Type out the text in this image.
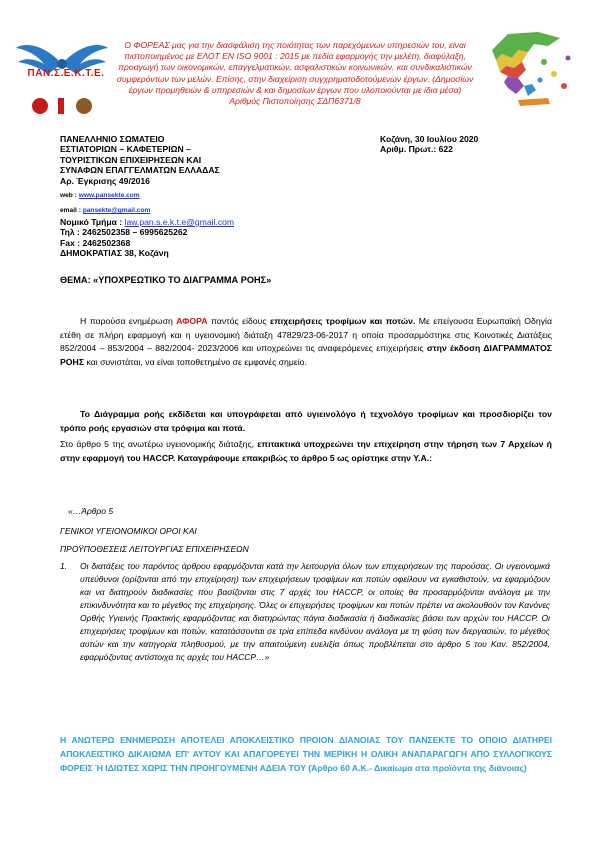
ΠΑΝ.Σ.Ε.Κ.Τ.Ε.
Ο ΦΟΡΕΑΣ μας για την διασφάλιση της ποιότητας των παρεχόμενων υπηρεσιών του, είναι πιστοποιημένος με ΕΛΟΤ ΕΝ ISO 9001 : 2015 με πεδία εφαρμογής την μελέτη, διαφύλαξη, προαγωγή των οικονομικών, επαγγελματικών, ασφαλιστικών κοινωνικών, και συνδικαλιστικών συμφερόντων των μελών. Επίσης, στην διαχείριση συγχρηματοδοτούμενων έργων. (Δημοσίων έργων προμηθειών & υπηρεσιών & και δημοσίων έργων που υλοποιούνται με ίδια μέσα)
Αριθμός Πιστοποίησης ΣΔΠ6371/8
ΠΑΝΕΛΛΗΝΙΟ ΣΩΜΑΤΕΙΟ
ΕΣΤΙΑΤΟΡΙΩΝ – ΚΑΦΕΤΕΡΙΩΝ –
ΤΟΥΡΙΣΤΙΚΩΝ ΕΠΙΧΕΙΡΗΣΕΩΝ ΚΑΙ
ΣΥΝΑΦΩΝ ΕΠΑΓΓΕΛΜΑΤΩΝ ΕΛΛΑΔΑΣ
Αρ. Έγκρισης 49/2016
web : www.pansekte.com
email : pansekte@gmail.com
Νομικό Τμήμα : law.pan.s.e.k.t.e@gmail.com
Τηλ : 2462502358 – 6995625262
Fax : 2462502368
ΔΗΜΟΚΡΑΤΙΑΣ 38, Κοζάνη
Κοζάνη, 30 Ιουλίου 2020
Αριθμ. Πρωτ.: 622
ΘΕΜΑ: «ΥΠΟΧΡΕΩΤΙΚΟ ΤΟ ΔΙΑΓΡΑΜΜΑ ΡΟΗΣ»
Η παρούσα ενημέρωση ΑΦΟΡΑ παντός είδους επιχειρήσεις τροφίμων και ποτών. Με επείγουσα Ευρωπαϊκή Οδηγία ετέθη σε πλήρη εφαρμογή και η υγειονομική διάταξη 47829/23-06-2017 η οποία προσαρμόστηκε στις Κοινοτικές Διατάξεις 852/2004 – 853/2004 – 882/2004- 2023/2006 και υποχρεώνει τις αναφερόμενες επιχειρήσεις στην έκδοση ΔΙΑΓΡΑΜΜΑΤΟΣ ΡΟΗΣ και συνιστάται, να είναι τοποθετημένο σε εμφανές σημείο.
Το Διάγραμμα ροής εκδίδεται και υπογράφεται από υγιεινολόγο ή τεχνολόγο τροφίμων και προσδιορίζει τον τρόπο ροής εργασιών στα τρόφιμα και ποτά.
Στο άρθρο 5 της ανωτέρω υγειονομικής διάταξης, επιτακτικά υποχρεώνει την επιχείρηση στην τήρηση των 7 Αρχείων ή στην εφαρμογή του HACCP. Καταγράφουμε επακριβώς το άρθρο 5 ως ορίστηκε στην Υ.Α.:
«…Άρθρο 5
ΓΕΝΙΚΟΙ ΥΓΕΙΟΝΟΜΙΚΟΙ ΟΡΟΙ ΚΑΙ
ΠΡΟΫΠΟΘΕΣΕΙΣ ΛΕΙΤΟΥΡΓΙΑΣ ΕΠΙΧΕΙΡΗΣΕΩΝ
1. Οι διατάξεις του παρόντος άρθρου εφαρμόζονται κατά την λειτουργία όλων των επιχειρήσεων της παρούσας. Οι υγειονομικά υπεύθυνοι (ορίζονται από την επιχείρηση) των επιχειρήσεων τροφίμων και ποτών οφείλουν να εγκαθιστούν, να εφαρμόζουν και να διατηρούν διαδικασίες που βασίζονται στις 7 αρχές του HACCP, οι οποίες θα προσαρμόζονται ανάλογα με την επικινδυνότητα και το μέγεθος της επιχείρησης. Όλες οι επιχειρήσεις τροφίμων και ποτών πρέπει να ακολουθούν τον Κανόνες Ορθής Υγιεινής Πρακτικής εφαρμόζοντας και διατηρώντας πάγια διαδικασία ή διαδικασίες βάσει των αρχών του HACCP. Οι επιχειρήσεις τροφίμων και ποτών, κατατάσσονται σε τρία επίπεδα κινδύνου ανάλογα με τη φύση των διεργασιών, το μέγεθος αυτών και την κατηγορία πληθυσμού, με την απαιτούμενη ευελιξία όπως προβλέπεται στο άρθρο 5 του Καν. 852/2004, εφαρμόζοντας αντίστοιχα τις αρχές του HACCP…»
Η ΑΝΩΤΕΡΩ ΕΝΗΜΕΡΩΣΗ ΑΠΟΤΕΛΕΙ ΑΠΟΚΛΕΙΣΤΙΚΟ ΠΡΟΙΟΝ ΔΙΑΝΟΙΑΣ ΤΟΥ ΠΑΝΣΕΚΤΕ ΤΟ ΟΠΟΙΟ ΔΙΑΤΗΡΕΙ ΑΠΟΚΛΕΙΣΤΙΚΟ ΔΙΚΑΙΩΜΑ ΕΠ' ΑΥΤΟΥ ΚΑΙ ΑΠΑΓΟΡΕΥΕΙ ΤΗΝ ΜΕΡΙΚΗ Η ΟΛΙΚΗ ΑΝΑΠΑΡΑΓΩΓΗ ΑΠΟ ΣΥΛΛΟΓΙΚΟΥΣ ΦΟΡΕΙΣ Ή ΙΔΙΩΤΕΣ ΧΩΡΙΣ ΤΗΝ ΠΡΟΗΓΟΥΜΕΝΗ ΑΔΕΙΑ ΤΟΥ (Άρθρο 60 Α.Κ.- Δικαίωμα στα προϊόντα της διάνοιας)
